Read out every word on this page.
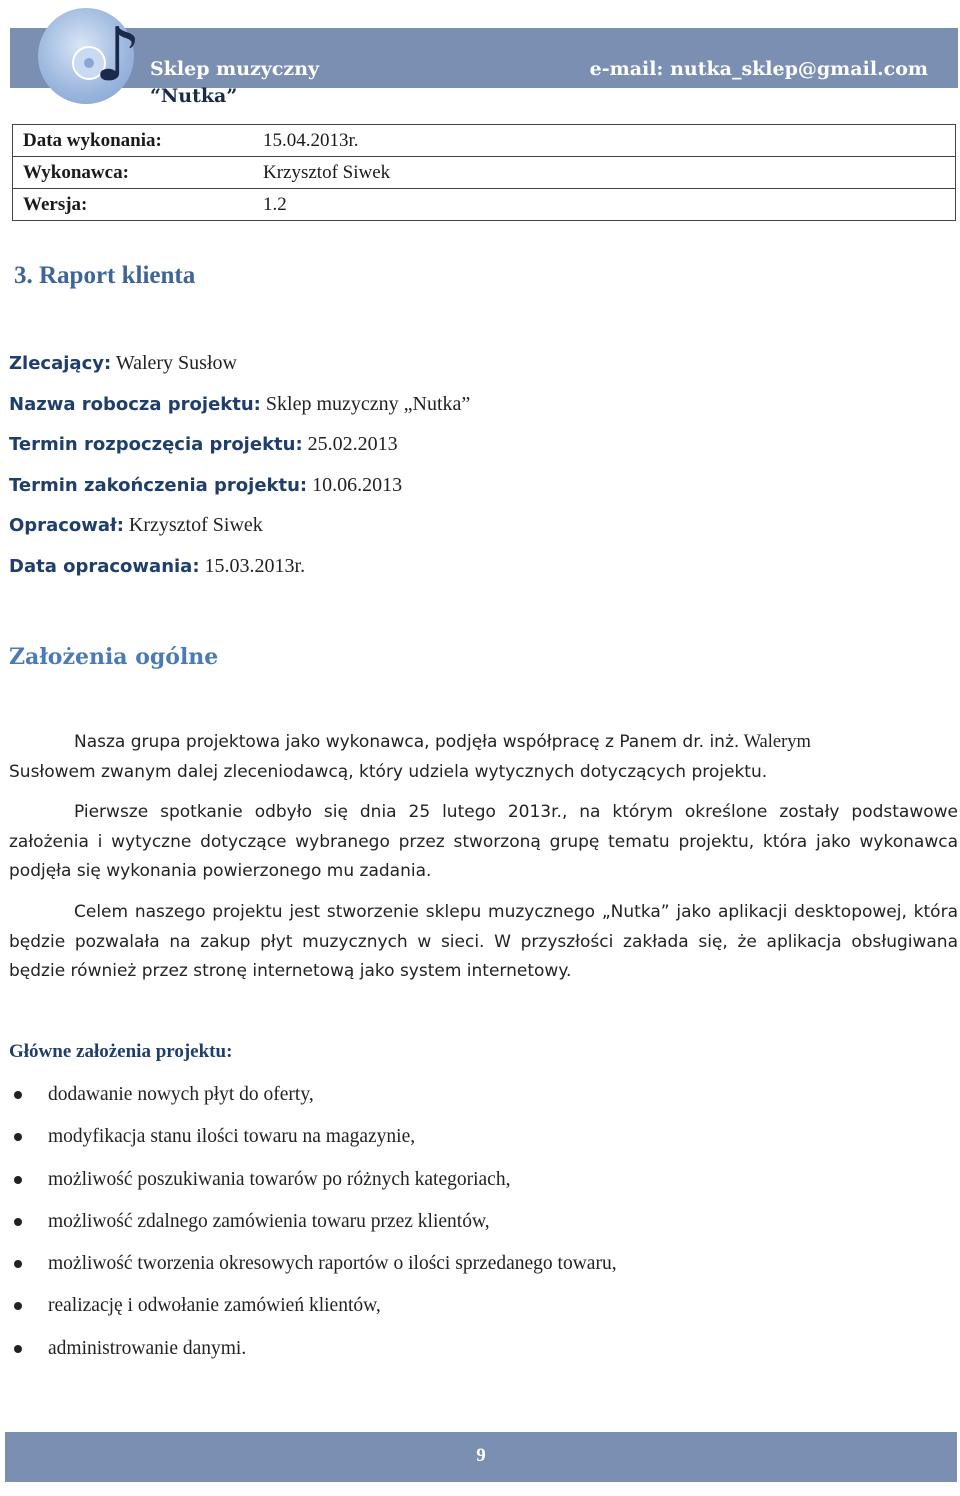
♪ Sklep muzyczny
“Nutka”
e-mail: nutka_sklep@gmail.com
Data wykonania:	15.04.2013r.
Wykonawca:	Krzysztof Siwek
Wersja:	1.2
3. Raport klienta
Zlecający: Walery Susłow
Nazwa robocza projektu: Sklep muzyczny „Nutka”
Termin rozpoczęcia projektu: 25.02.2013
Termin zakończenia projektu: 10.06.2013
Opracował: Krzysztof Siwek
Data opracowania: 15.03.2013r.
Założenia ogólne
Nasza grupa projektowa jako wykonawca, podjęła współpracę z Panem dr. inż. Walerym
Susłowem zwanym dalej zleceniodawcą, który udziela wytycznych dotyczących projektu.
Pierwsze spotkanie odbyło się dnia 25 lutego 2013r., na którym określone zostały podstawowe założenia i wytyczne dotyczące wybranego przez stworzoną grupę tematu projektu, która jako wykonawca podjęła się wykonania powierzonego mu zadania.
Celem naszego projektu jest stworzenie sklepu muzycznego „Nutka” jako aplikacji desktopowej, która będzie pozwalała na zakup płyt muzycznych w sieci. W przyszłości zakłada się, że aplikacja obsługiwana będzie również przez stronę internetową jako system internetowy.
Główne założenia projektu:
dodawanie nowych płyt do oferty,
modyfikacja stanu ilości towaru na magazynie,
możliwość poszukiwania towarów po różnych kategoriach,
możliwość zdalnego zamówienia towaru przez klientów,
możliwość tworzenia okresowych raportów o ilości sprzedanego towaru,
realizację i odwołanie zamówień klientów,
administrowanie danymi.
9
